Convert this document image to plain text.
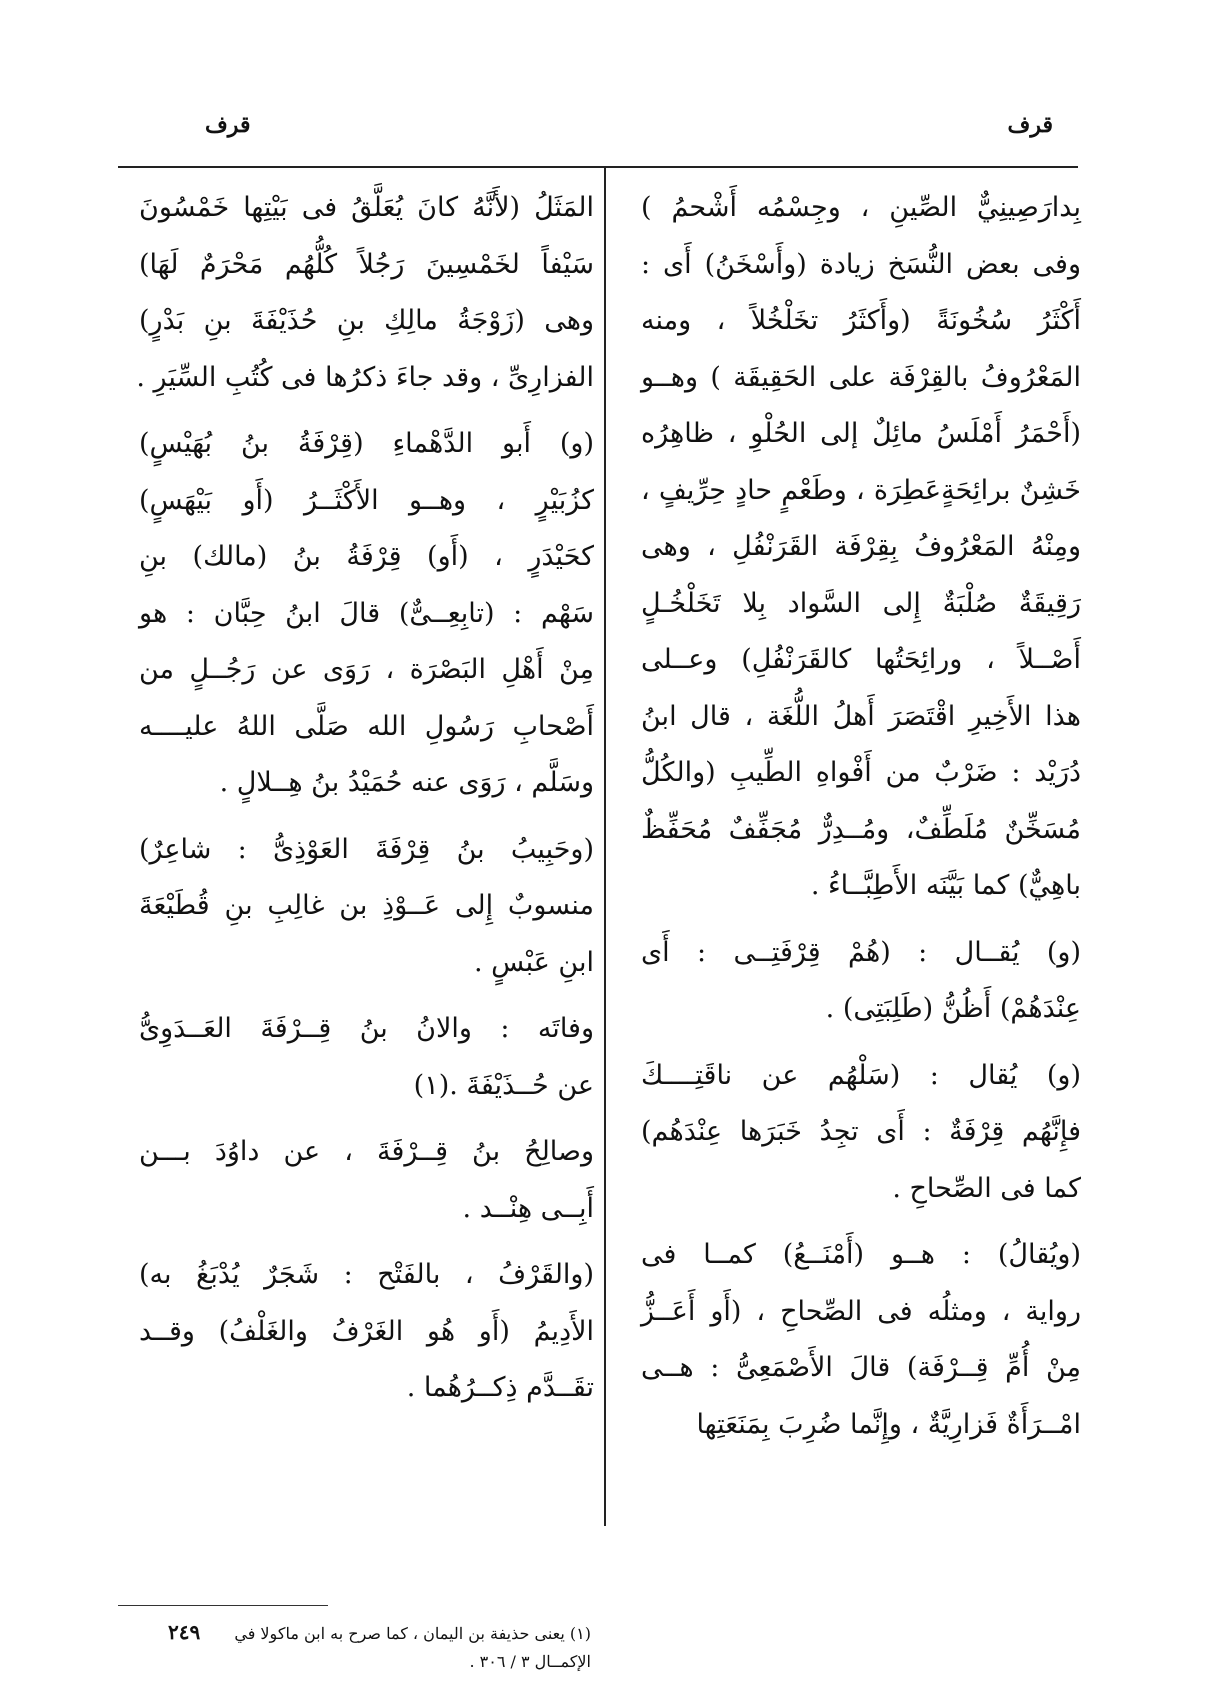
قرف
قرف
بِدارَصِينِيٌّ الصِّينِ ، وجِسْمُه أَشْحمُ )
وفى بعض النُّسَخ زيادة (وأَسْخَنُ) أَى :
أَكْثَرُ سُخُونَةً (وأَكثَرُ تخَلْخُلاً ، ومنه
المَعْرُوفُ بالقِرْفَة على الحَقِيقَة ) وهــو
(أَحْمَرُ أَمْلَسُ مائِلٌ إلى الحُلْوِ ، ظاهِرُه
خَشِنٌ برائِحَةٍعَطِرَة ، وطَعْمٍ حادٍ حِرِّيفٍ ،
ومِنْهُ المَعْرُوفُ بِقِرْفَة القَرَنْفُلِ ، وهى
رَقِيقَةٌ صُلْبَةٌ إِلى السَّواد بِلا تَخَلْخُـلٍ
أَصْــلاً ، ورائِحَتُها كالقَرَنْفُلِ) وعــلى
هذا الأَخِيرِ اقْتَصَرَ أَهلُ اللُّغَة ، قال ابنُ
دُرَيْد : ضَرْبٌ من أَفْواهِ الطِّيبِ (والكُلُّ
مُسَخِّنٌ مُلَطِّفٌ، ومُــدِرٌّ مُجَفِّفٌ مُحَفِّظٌ
باهِيٌّ) كما بَيَّنَه الأَطِبَّــاءُ .
(و) يُقــال : (هُمْ قِرْفَتِــى : أَى
عِنْدَهُمْ) أَظُنُّ (طَلِبَتِى) .
(و) يُقال : (سَلْهُم عن ناقَتِــــكَ
فإِنَّهُم قِرْفَةٌ : أَى تجِدُ خَبَرَها عِنْدَهُم)
كما فى الصِّحاحِ .
(ويُقالُ) : هــو (أَمْنَــعُ) كمــا فى
رواية ، ومثلُه فى الصِّحاحِ ، (أَو أَعَــزُّ
مِنْ أُمِّ قِــرْفَة) قالَ الأَصْمَعِىُّ : هــى
امْــرَأَةٌ فَزارِيَّةٌ ، وإِنَّما ضُرِبَ بِمَنَعَتِها
المَثَلُ (لأَنَّهُ كانَ يُعَلَّقُ فى بَيْتِها خَمْسُونَ
سَيْفاً لخَمْسِينَ رَجُلاً كُلُّهُم مَحْرَمٌ لَهَا)
وهى (زَوْجَةُ مالِكِ بنِ حُذَيْفَةَ بنِ بَدْرٍ)
الفزارِىِّ ، وقد جاءَ ذكرُها فى كُتُبِ السِّيَرِ .
(و) أَبو الدَّهْماءِ (قِرْفَةُ بنُ بُهَيْسٍ)
كزُبَيْرٍ ، وهــو الأَكْثَــرُ (أَو بَيْهَسٍ)
كحَيْدَرٍ ، (أَو) قِرْفَةُ بنُ (مالك) بنِ
سَهْم : (تابِعِــىٌّ) قالَ ابنُ حِبَّان : هو
مِنْ أَهْلِ البَصْرَة ، رَوَى عن رَجُــلٍ من
أَصْحابِ رَسُولِ الله صَلَّى اللهُ عليــــه
وسَلَّم ، رَوَى عنه حُمَيْدُ بنُ هِــلالٍ .
(وحَبِيبُ بنُ قِرْفَةَ العَوْذِىُّ : شاعِرٌ)
منسوبٌ إِلى عَــوْذِ بن غالِبِ بنِ قُطَيْعَةَ
ابنِ عَبْسٍ .
وفاتَه : والانُ بنُ قِــرْفَةَ العَــدَوِىُّ
عن حُــذَيْفَةَ .(١)
وصالِحُ بنُ قِــرْفَةَ ، عن داوُدَ بـــن
أَبِــى هِنْــد .
(والقَرْفُ ، بالفَتْح : شَجَرٌ يُدْبَغُ به)
الأَدِيمُ (أَو هُو الغَرْفُ والغَلْفُ) وقــد
تقَــدَّم ذِكــرُهُما .
(١) يعنى حذيفة بن اليمان ، كما صرح به ابن ماكولا في
الإكمــال ٣ / ٣٠٦ .
٢٤٩
